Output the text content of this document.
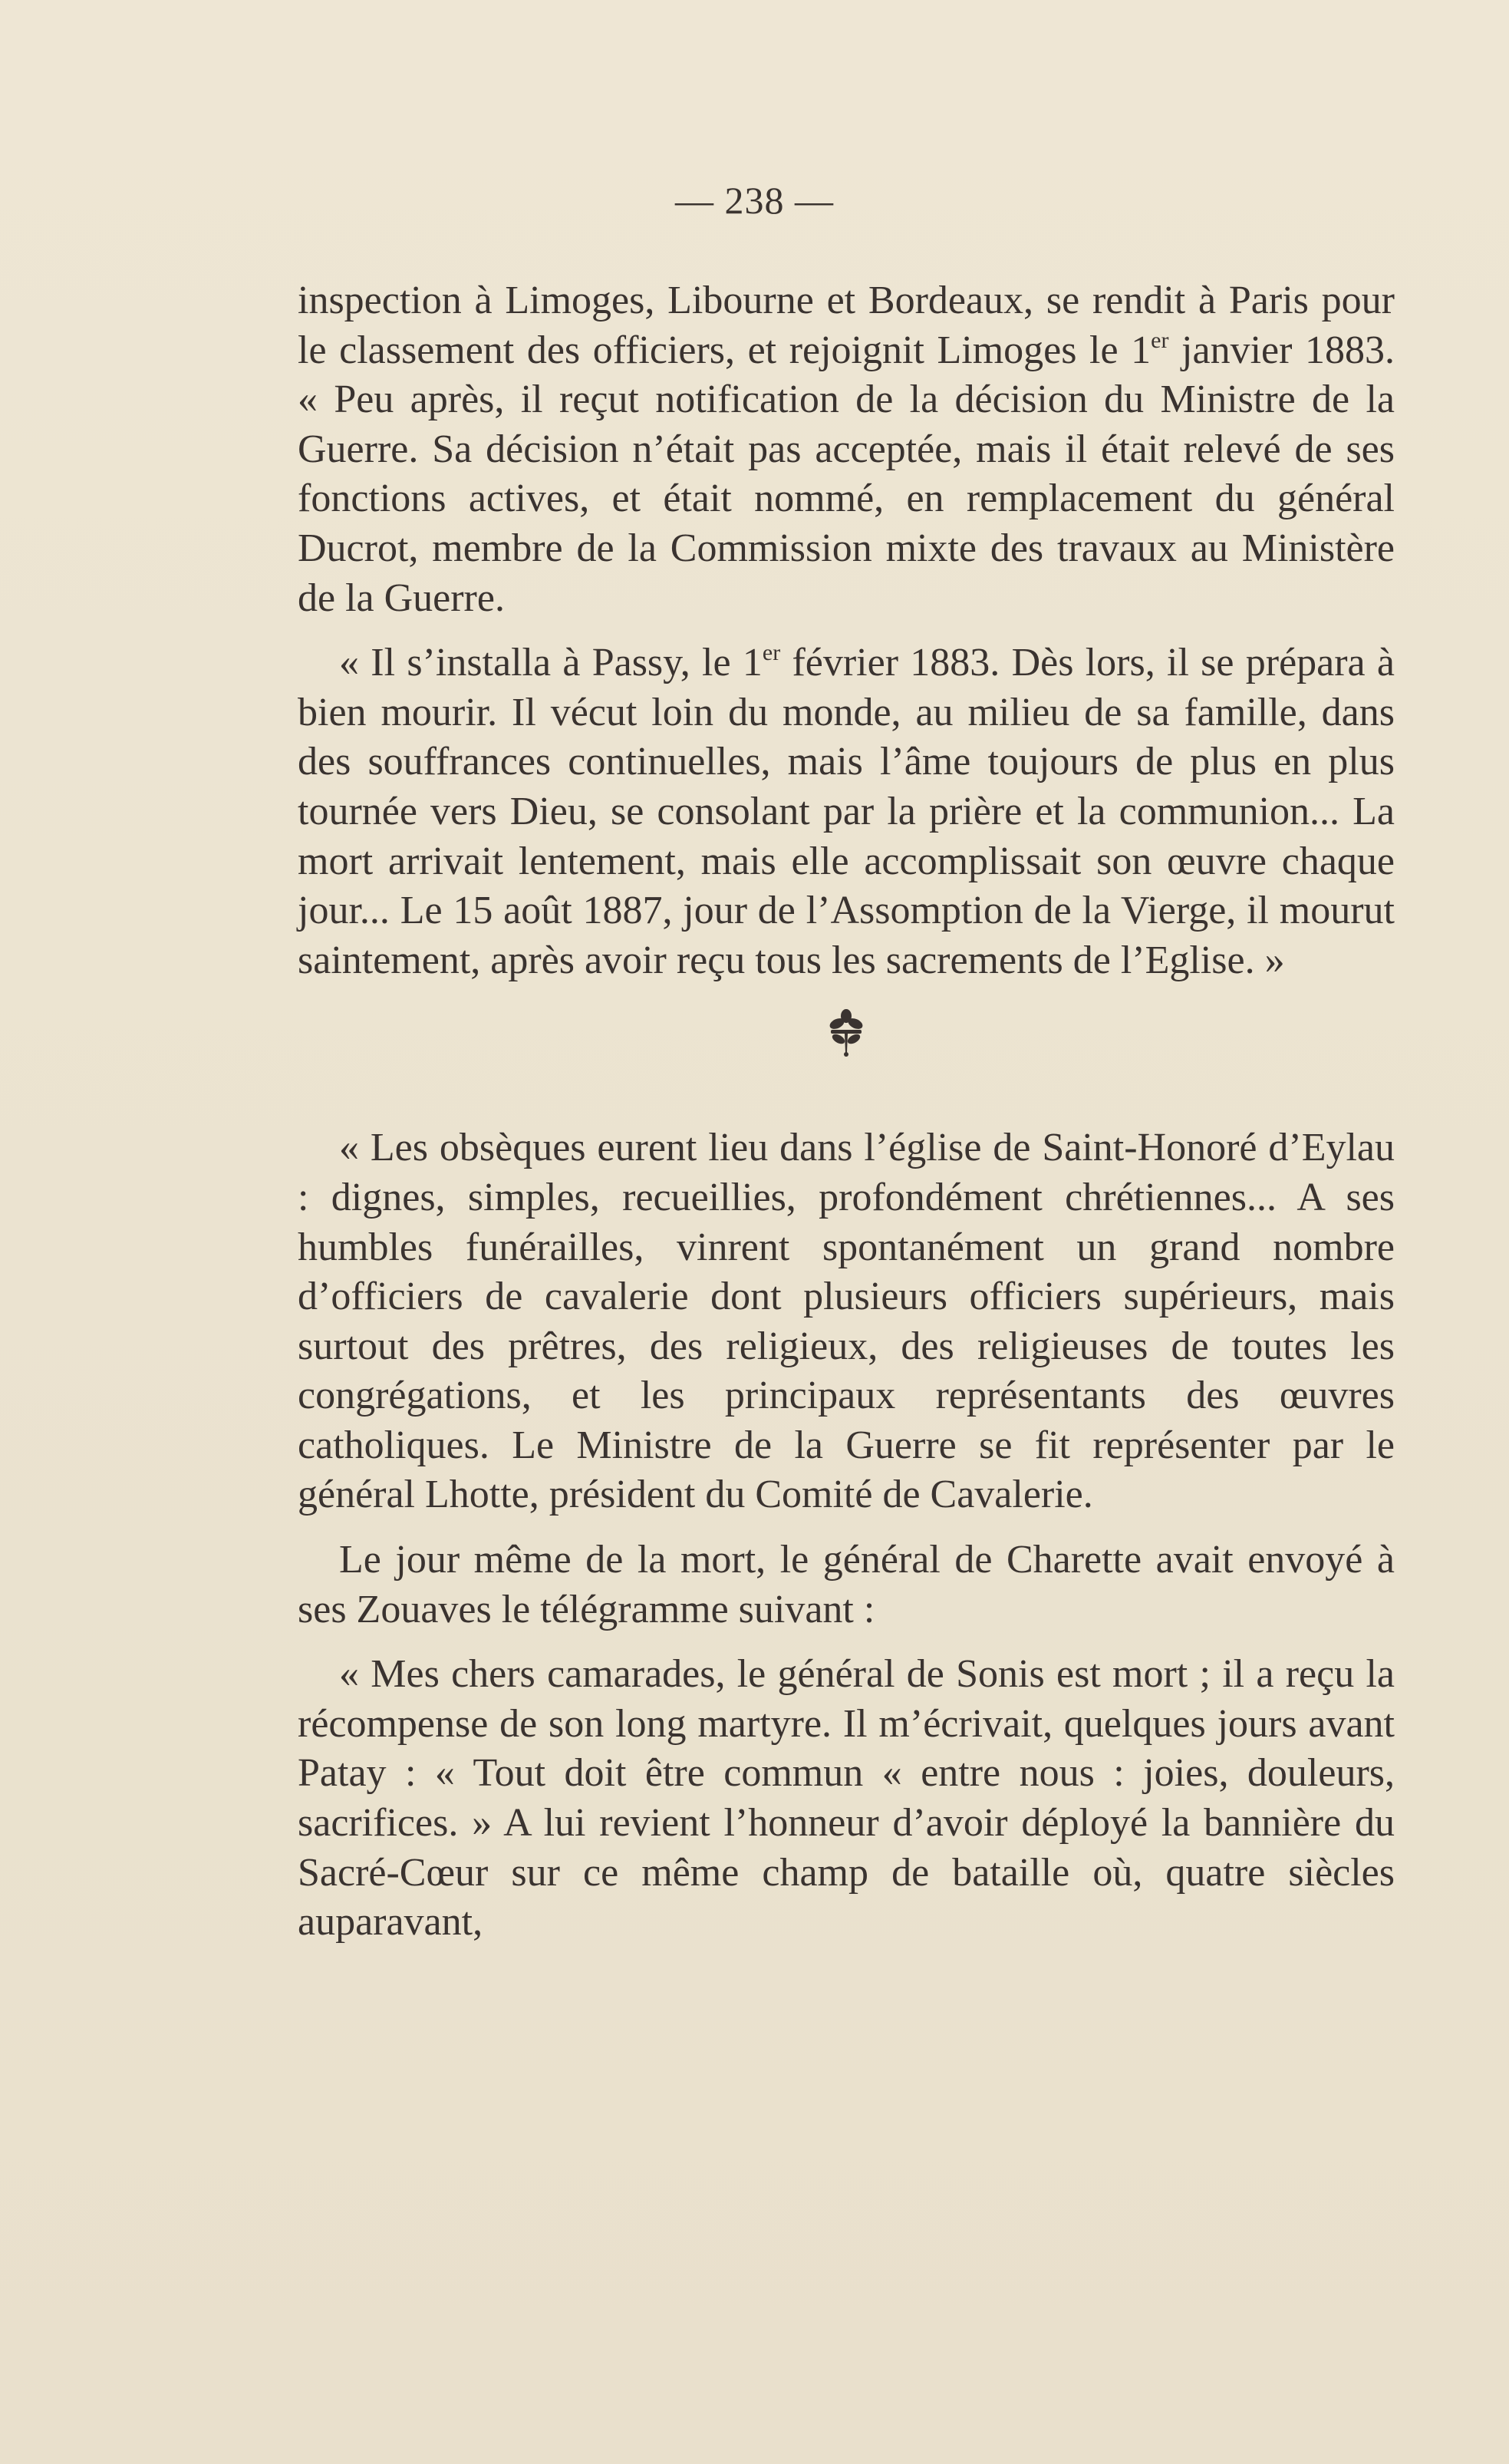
— 238 —

inspection à Limoges, Libourne et Bordeaux, se rendit à Paris pour le classement des officiers, et rejoignit Limoges le 1er janvier 1883. « Peu après, il reçut notification de la décision du Ministre de la Guerre. Sa décision n’était pas acceptée, mais il était relevé de ses fonctions actives, et était nommé, en remplacement du général Ducrot, membre de la Commission mixte des travaux au Ministère de la Guerre.

« Il s’installa à Passy, le 1er février 1883. Dès lors, il se prépara à bien mourir. Il vécut loin du monde, au milieu de sa famille, dans des souffrances continuelles, mais l’âme toujours de plus en plus tournée vers Dieu, se consolant par la prière et la communion... La mort arrivait lentement, mais elle accomplissait son œuvre chaque jour... Le 15 août 1887, jour de l’Assomption de la Vierge, il mourut saintement, après avoir reçu tous les sacrements de l’Eglise. »

« Les obsèques eurent lieu dans l’église de Saint-Honoré d’Eylau : dignes, simples, recueillies, profondément chrétiennes... A ses humbles funérailles, vinrent spontanément un grand nombre d’officiers de cavalerie dont plusieurs officiers supérieurs, mais surtout des prêtres, des religieux, des religieuses de toutes les congrégations, et les principaux représentants des œuvres catholiques. Le Ministre de la Guerre se fit représenter par le général Lhotte, président du Comité de Cavalerie.

Le jour même de la mort, le général de Charette avait envoyé à ses Zouaves le télégramme suivant :

« Mes chers camarades, le général de Sonis est mort ; il a reçu la récompense de son long martyre. Il m’écrivait, quelques jours avant Patay : « Tout doit être commun « entre nous : joies, douleurs, sacrifices. » A lui revient l’honneur d’avoir déployé la bannière du Sacré-Cœur sur ce même champ de bataille où, quatre siècles auparavant,
